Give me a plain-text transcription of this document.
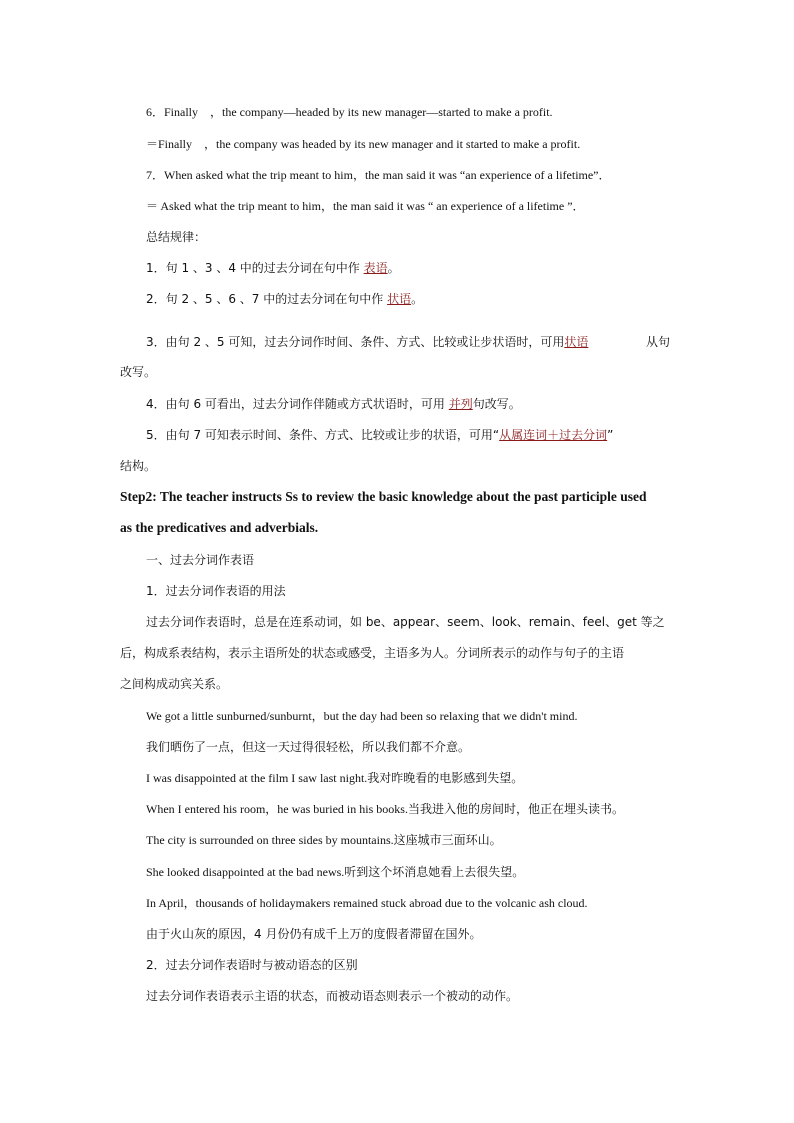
6．Finally　，the company—headed by its new manager—started to make a profit.
＝Finally　，the company was headed by its new manager and it started to make a profit.
7．When asked what the trip meant to him，the man said it was “an experience of a lifetime”．
＝ Asked what the trip meant to him，the man said it was “ an experience of a lifetime ”．
总结规律：
1．句 1 、3 、4 中的过去分词在句中作 表语。
2．句 2 、5 、6 、7 中的过去分词在句中作 状语。
3．由句 2 、5 可知，过去分词作时间、条件、方式、比较或让步状语时，可用状语	从句
改写。
4．由句 6 可看出，过去分词作伴随或方式状语时，可用 并列句改写。
5．由句 7 可知表示时间、条件、方式、比较或让步的状语，可用“从属连词＋过去分词”
结构。
Step2: The teacher instructs Ss to review the basic knowledge about the past participle used
as the predicatives and adverbials.
一、过去分词作表语
1．过去分词作表语的用法
过去分词作表语时，总是在连系动词，如 be、appear、seem、look、remain、feel、get 等之
后，构成系表结构，表示主语所处的状态或感受，主语多为人。分词所表示的动作与句子的主语
之间构成动宾关系。
We got a little sunburned/sunburnt，but the day had been so relaxing that we didn't mind.
我们晒伤了一点，但这一天过得很轻松，所以我们都不介意。
I was disappointed at the film I saw last night.我对昨晚看的电影感到失望。
When I entered his room，he was buried in his books.当我进入他的房间时，他正在埋头读书。
The city is surrounded on three sides by mountains.这座城市三面环山。
She looked disappointed at the bad news.听到这个坏消息她看上去很失望。
In April，thousands of holidaymakers remained stuck abroad due to the volcanic ash cloud.
由于火山灰的原因，4 月份仍有成千上万的度假者滞留在国外。
2．过去分词作表语时与被动语态的区别
过去分词作表语表示主语的状态，而被动语态则表示一个被动的动作。
